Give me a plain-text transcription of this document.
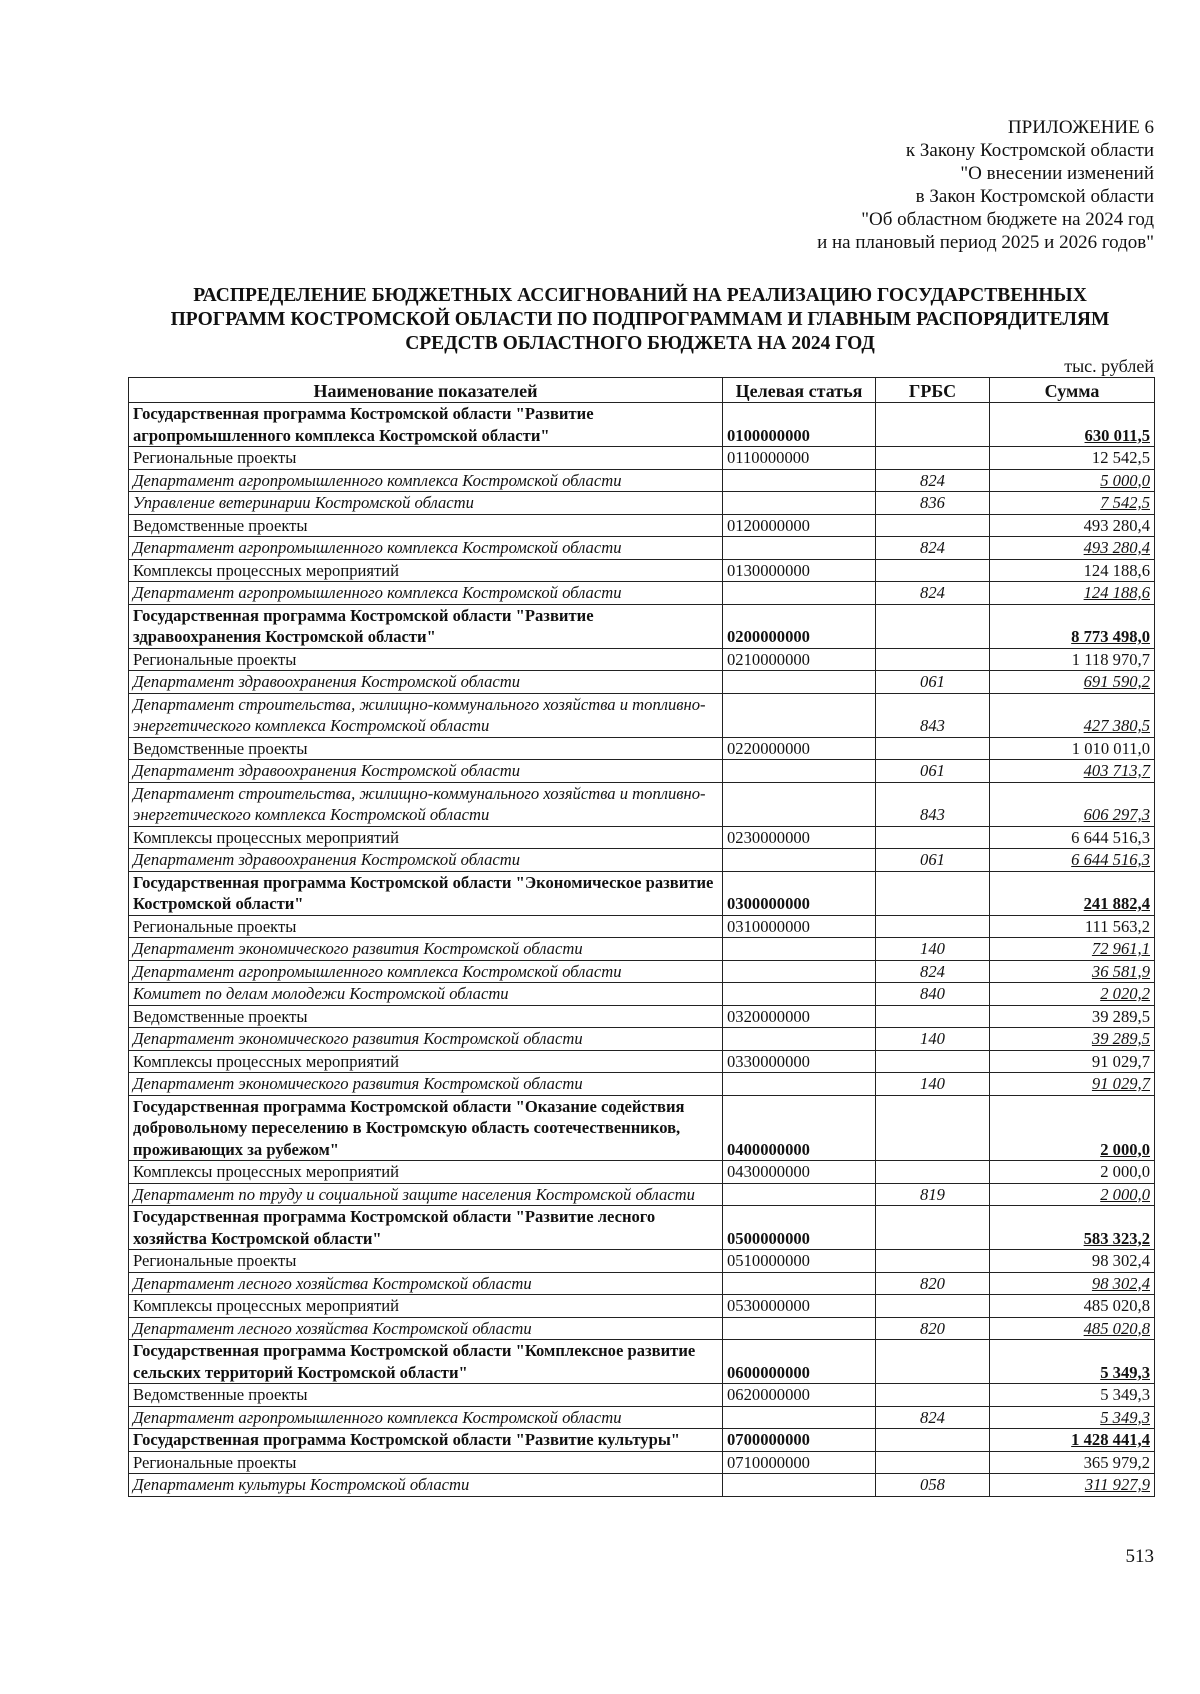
ПРИЛОЖЕНИЕ 6
к Закону Костромской области
"О внесении изменений
в Закон Костромской области
"Об областном бюджете на 2024 год
и на плановый период 2025 и 2026 годов"
РАСПРЕДЕЛЕНИЕ БЮДЖЕТНЫХ АССИГНОВАНИЙ НА РЕАЛИЗАЦИЮ ГОСУДАРСТВЕННЫХ
ПРОГРАММ КОСТРОМСКОЙ ОБЛАСТИ ПО ПОДПРОГРАММАМ И ГЛАВНЫМ РАСПОРЯДИТЕЛЯМ
СРЕДСТВ ОБЛАСТНОГО БЮДЖЕТА НА 2024 ГОД
тыс. рублей
Наименование показателей	Целевая статья	ГРБС	Сумма
Государственная программа Костромской области "Развитие агропромышленного комплекса Костромской области"	0100000000		630 011,5
Региональные проекты	0110000000		12 542,5
Департамент агропромышленного комплекса Костромской области		824	5 000,0
Управление ветеринарии Костромской области		836	7 542,5
Ведомственные проекты	0120000000		493 280,4
Департамент агропромышленного комплекса Костромской области		824	493 280,4
Комплексы процессных мероприятий	0130000000		124 188,6
Департамент агропромышленного комплекса Костромской области		824	124 188,6
Государственная программа Костромской области "Развитие здравоохранения Костромской области"	0200000000		8 773 498,0
Региональные проекты	0210000000		1 118 970,7
Департамент здравоохранения Костромской области		061	691 590,2
Департамент строительства, жилищно-коммунального хозяйства и топливно-энергетического комплекса Костромской области		843	427 380,5
Ведомственные проекты	0220000000		1 010 011,0
Департамент здравоохранения Костромской области		061	403 713,7
Департамент строительства, жилищно-коммунального хозяйства и топливно-энергетического комплекса Костромской области		843	606 297,3
Комплексы процессных мероприятий	0230000000		6 644 516,3
Департамент здравоохранения Костромской области		061	6 644 516,3
Государственная программа Костромской области "Экономическое развитие Костромской области"	0300000000		241 882,4
Региональные проекты	0310000000		111 563,2
Департамент экономического развития Костромской области		140	72 961,1
Департамент агропромышленного комплекса Костромской области		824	36 581,9
Комитет по делам молодежи Костромской области		840	2 020,2
Ведомственные проекты	0320000000		39 289,5
Департамент экономического развития Костромской области		140	39 289,5
Комплексы процессных мероприятий	0330000000		91 029,7
Департамент экономического развития Костромской области		140	91 029,7
Государственная программа Костромской области "Оказание содействия добровольному переселению в Костромскую область соотечественников, проживающих за рубежом"	0400000000		2 000,0
Комплексы процессных мероприятий	0430000000		2 000,0
Департамент по труду и социальной защите населения Костромской области		819	2 000,0
Государственная программа Костромской области "Развитие лесного хозяйства Костромской области"	0500000000		583 323,2
Региональные проекты	0510000000		98 302,4
Департамент лесного хозяйства Костромской области		820	98 302,4
Комплексы процессных мероприятий	0530000000		485 020,8
Департамент лесного хозяйства Костромской области		820	485 020,8
Государственная программа Костромской области "Комплексное развитие сельских территорий Костромской области"	0600000000		5 349,3
Ведомственные проекты	0620000000		5 349,3
Департамент агропромышленного комплекса Костромской области		824	5 349,3
Государственная программа Костромской области "Развитие культуры"	0700000000		1 428 441,4
Региональные проекты	0710000000		365 979,2
Департамент культуры Костромской области		058	311 927,9
513
